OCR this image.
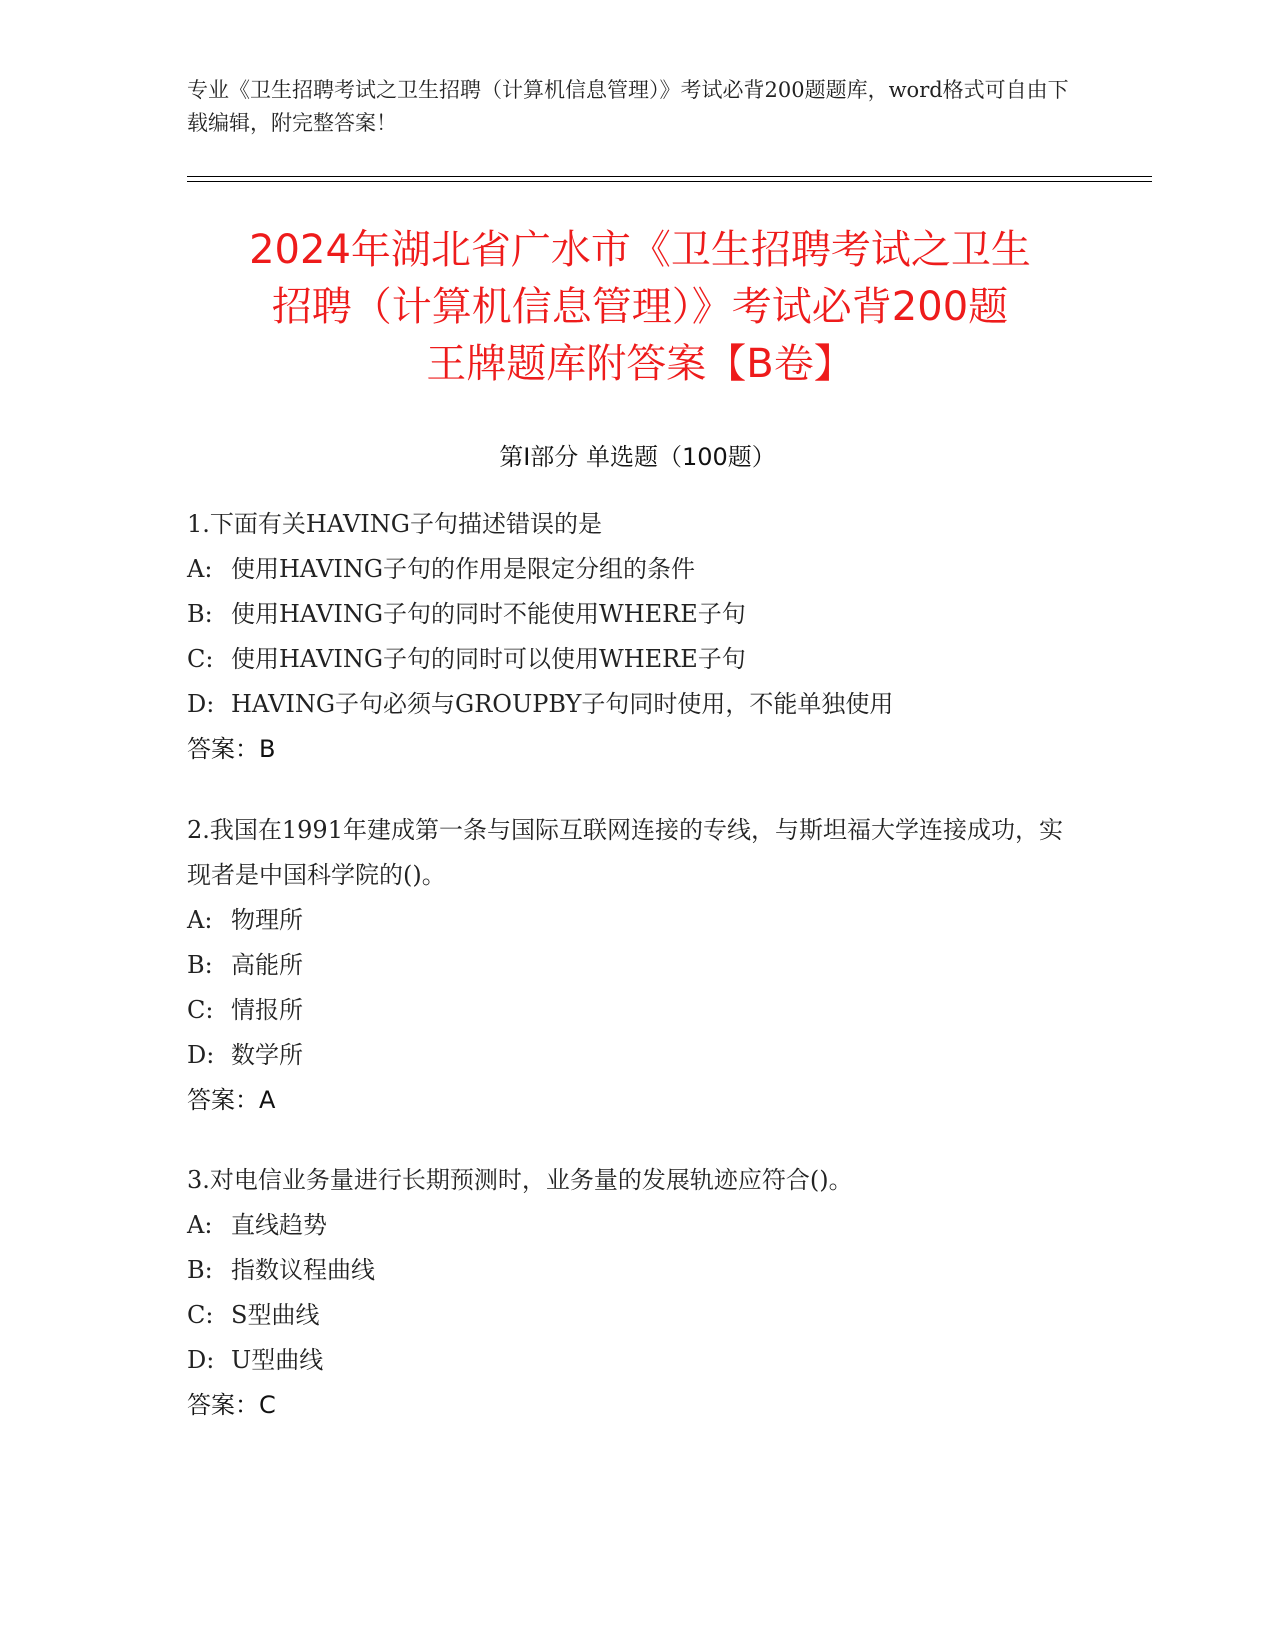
专业《卫生招聘考试之卫生招聘（计算机信息管理）》考试必背200题题库，word格式可自由下载编辑，附完整答案！

2024年湖北省广水市《卫生招聘考试之卫生
招聘（计算机信息管理）》考试必背200题
王牌题库附答案【B卷】
第Ⅰ部分 单选题（100题）

1.下面有关HAVING子句描述错误的是

A: 使用HAVING子句的作用是限定分组的条件

B: 使用HAVING子句的同时不能使用WHERE子句

C: 使用HAVING子句的同时可以使用WHERE子句

D: HAVING子句必须与GROUPBY子句同时使用，不能单独使用

答案：B

2.我国在1991年建成第一条与国际互联网连接的专线，与斯坦福大学连接成功，实现者是中国科学院的()。

A: 物理所

B: 高能所

C: 情报所

D: 数学所

答案：A

3.对电信业务量进行长期预测时，业务量的发展轨迹应符合()。

A: 直线趋势

B: 指数议程曲线

C: S型曲线

D: U型曲线

答案：C
